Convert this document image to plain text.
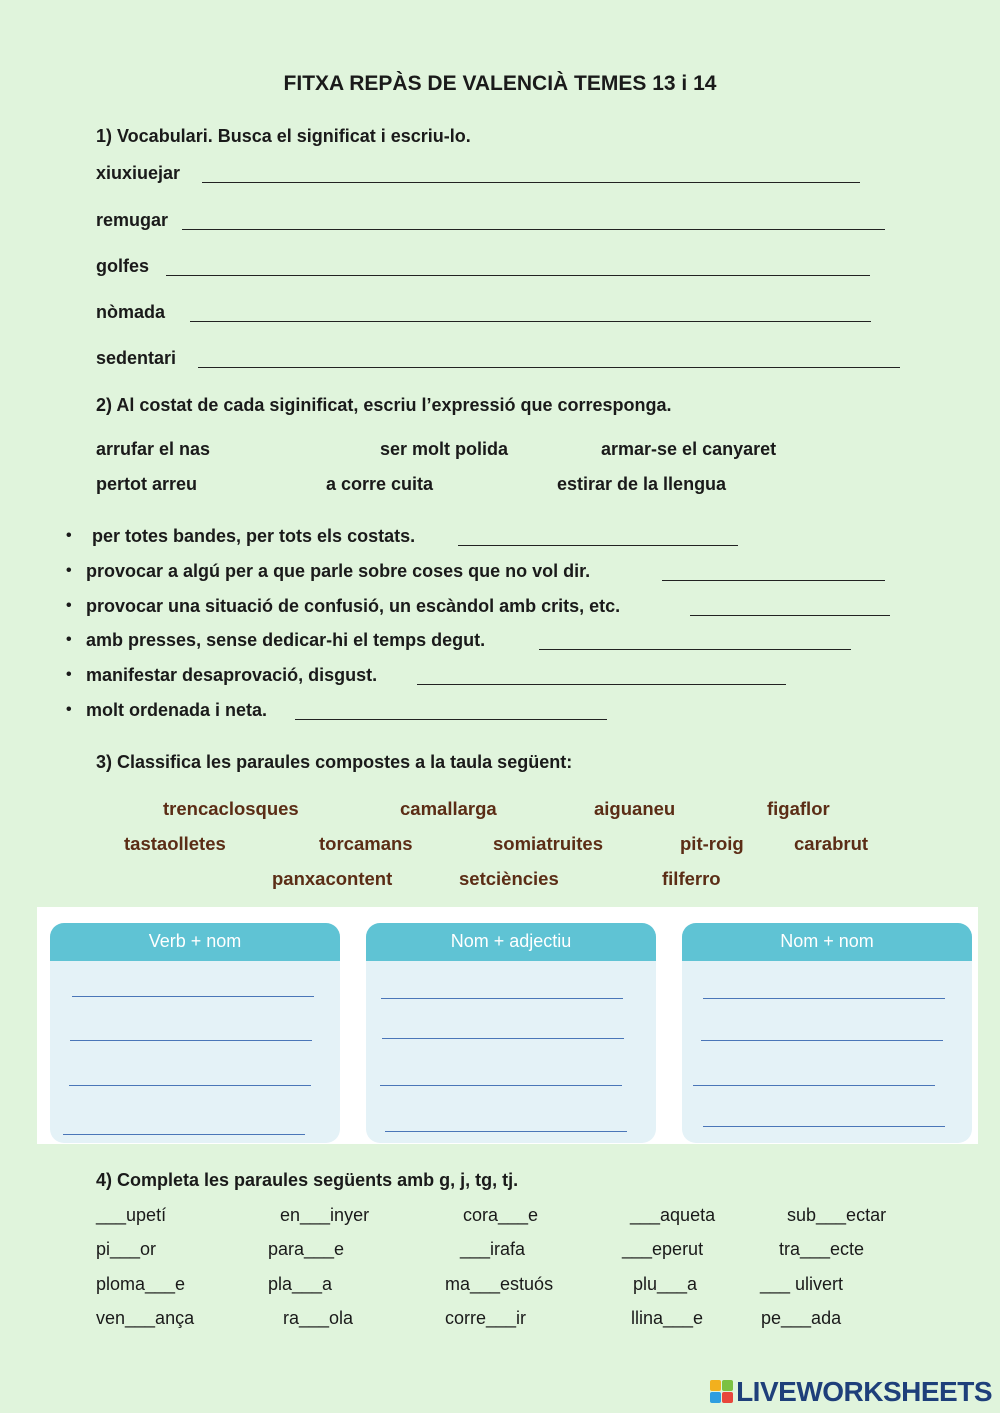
FITXA REPÀS DE VALENCIÀ TEMES 13 i 14
1) Vocabulari. Busca el significat i escriu-lo.
xiuxiuejar
remugar
golfes
nòmada
sedentari
2) Al costat de cada siginificat, escriu l’expressió que corresponga.
arrufar el nas	ser molt polida	armar-se el canyaret
pertot arreu	a corre cuita	estirar de la llengua
• per totes bandes, per tots els costats.
• provocar a algú per a que parle sobre coses que no vol dir.
• provocar una situació de confusió, un escàndol amb crits, etc.
• amb presses, sense dedicar-hi el temps degut.
• manifestar desaprovació, disgust.
• molt ordenada i neta.
3) Classifica les paraules compostes a la taula següent:
trencaclosques	camallarga	aiguaneu	figaflor
tastaolletes	torcamans	somiatruites	pit-roig	carabrut
panxacontent	setciències	filferro
Verb + nom	Nom + adjectiu	Nom + nom
4) Completa les paraules següents amb g, j, tg, tj.
___upetí	en___inyer	cora___e	___aqueta	sub___ectar
pi___or	para___e	___irafa	___eperut	tra___ecte
ploma___e	pla___a	ma___estuós	plu___a	___ ulivert
ven___ança	ra___ola	corre___ir	llina___e	pe___ada
LIVEWORKSHEETS
